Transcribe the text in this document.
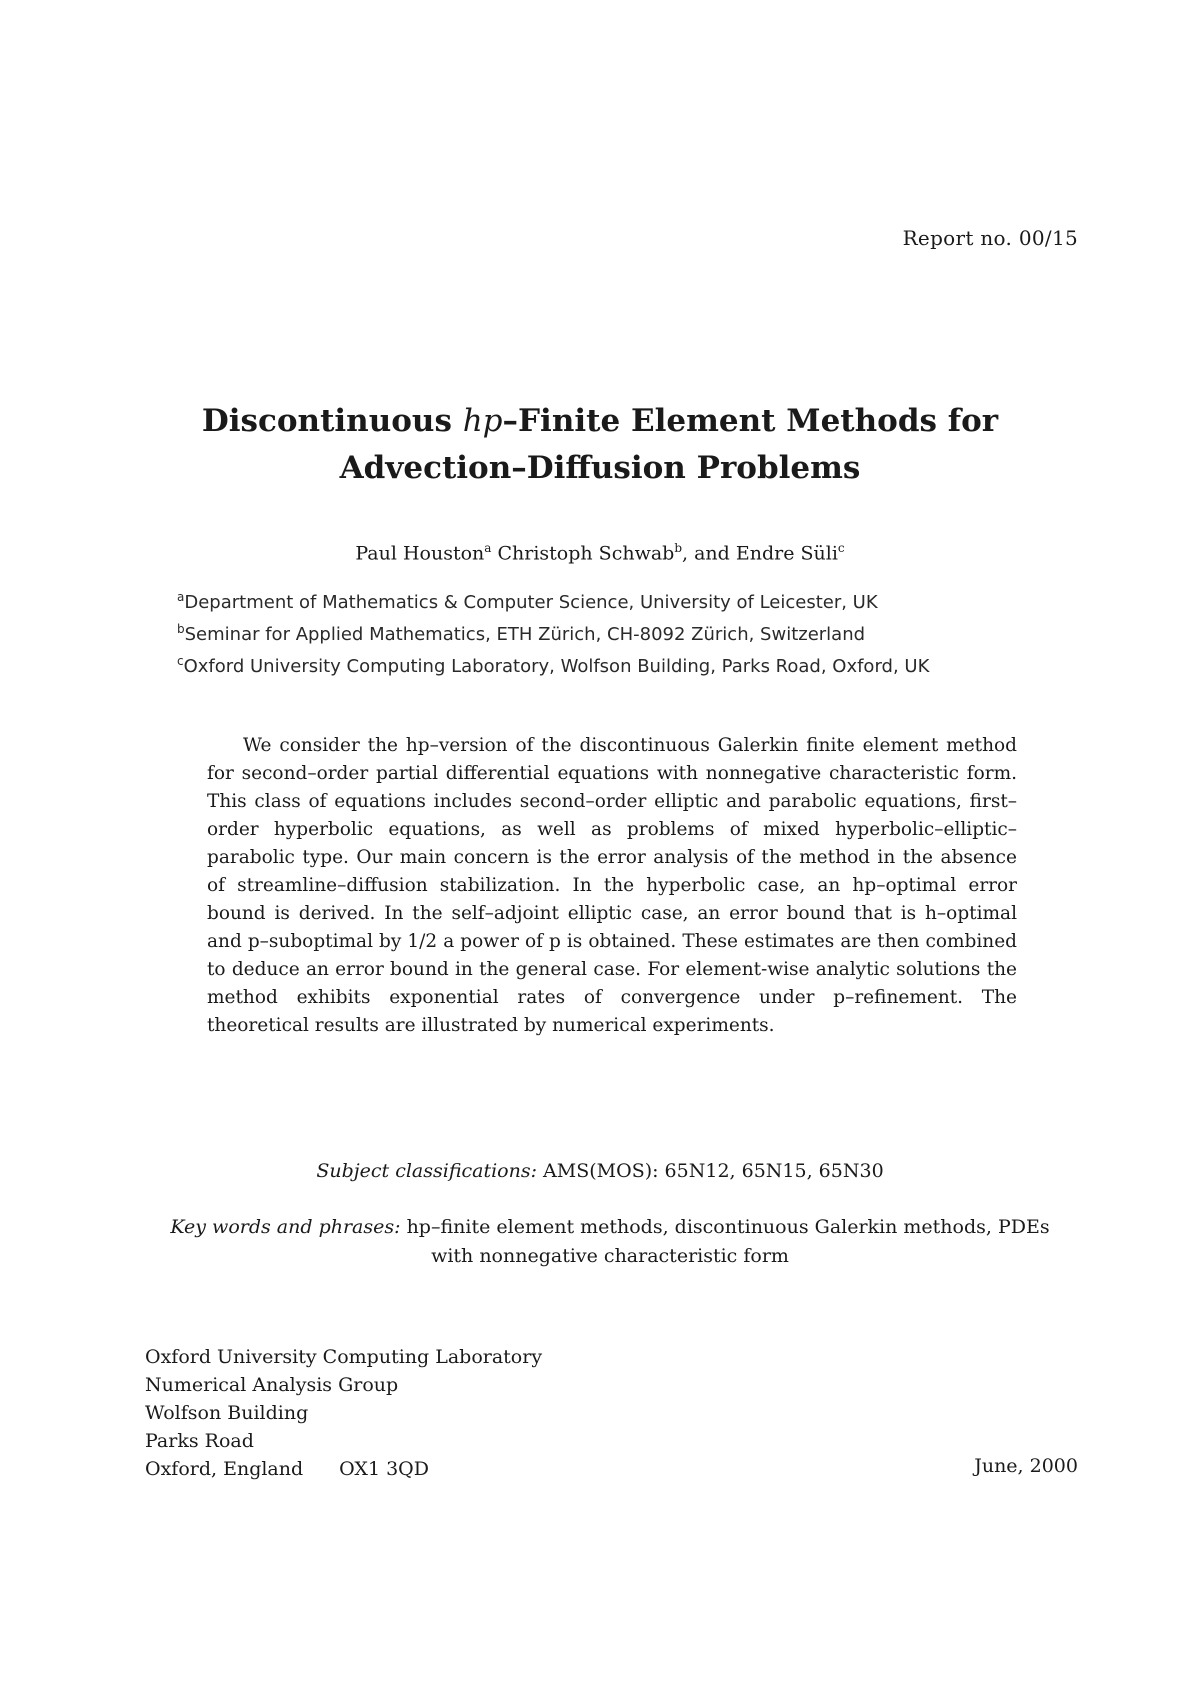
Report no. 00/15
Discontinuous hp–Finite Element Methods for
Advection–Diffusion Problems
Paul Houston$^a$ Christoph Schwab$^b$, and Endre Süli$^c$
$^a$Department of Mathematics & Computer Science, University of Leicester, UK
$^b$Seminar for Applied Mathematics, ETH Zürich, CH-8092 Zürich, Switzerland
$^c$Oxford University Computing Laboratory, Wolfson Building, Parks Road, Oxford, UK
We consider the hp–version of the discontinuous Galerkin finite element method for second–order partial differential equations with nonnegative characteristic form. This class of equations includes second–order elliptic and parabolic equations, first–order hyperbolic equations, as well as problems of mixed hyperbolic–elliptic–parabolic type. Our main concern is the error analysis of the method in the absence of streamline–diffusion stabilization. In the hyperbolic case, an hp–optimal error bound is derived. In the self–adjoint elliptic case, an error bound that is h–optimal and p–suboptimal by 1/2 a power of p is obtained. These estimates are then combined to deduce an error bound in the general case. For element-wise analytic solutions the method exhibits exponential rates of convergence under p–refinement. The theoretical results are illustrated by numerical experiments.
Subject classifications: AMS(MOS): 65N12, 65N15, 65N30
Key words and phrases: hp–finite element methods, discontinuous Galerkin methods, PDEs with nonnegative characteristic form
Oxford University Computing Laboratory
Numerical Analysis Group
Wolfson Building
Parks Road
Oxford, England OX1 3QD	June, 2000
